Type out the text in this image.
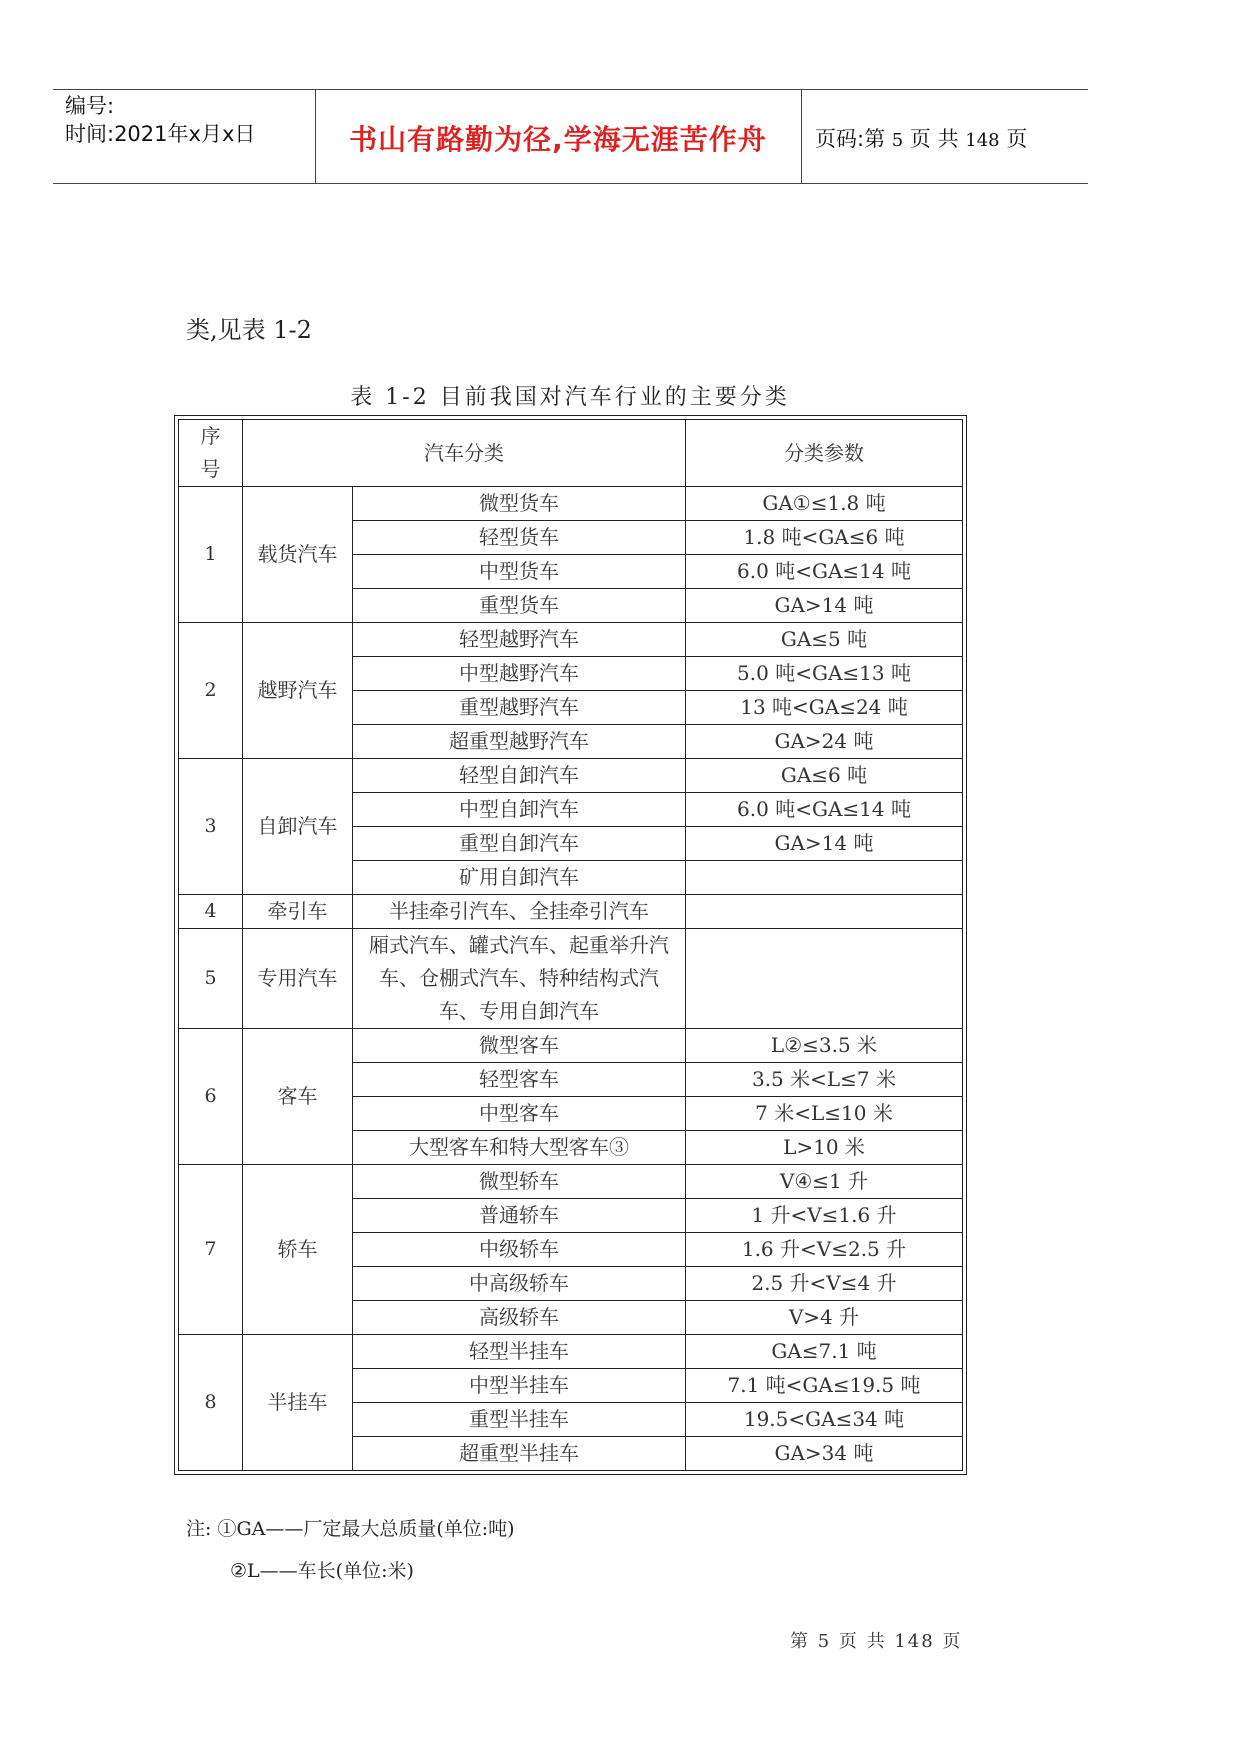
编号:
时间:2021年x月x日	书山有路勤为径,学海无涯苦作舟	页码:第 5 页 共 148 页
类,见表 1-2
表 1-2 目前我国对汽车行业的主要分类
序号	汽车分类		分类参数
1	载货汽车	微型货车	GA①≤1.8 吨
		轻型货车	1.8 吨<GA≤6 吨
		中型货车	6.0 吨<GA≤14 吨
		重型货车	GA>14 吨
2	越野汽车	轻型越野汽车	GA≤5 吨
		中型越野汽车	5.0 吨<GA≤13 吨
		重型越野汽车	13 吨<GA≤24 吨
		超重型越野汽车	GA>24 吨
3	自卸汽车	轻型自卸汽车	GA≤6 吨
		中型自卸汽车	6.0 吨<GA≤14 吨
		重型自卸汽车	GA>14 吨
		矿用自卸汽车	
4	牵引车	半挂牵引汽车、全挂牵引汽车	
5	专用汽车	厢式汽车、罐式汽车、起重举升汽车、仓棚式汽车、特种结构式汽车、专用自卸汽车	
6	客车	微型客车	L②≤3.5 米
		轻型客车	3.5 米<L≤7 米
		中型客车	7 米<L≤10 米
		大型客车和特大型客车③	L>10 米
7	轿车	微型轿车	V④≤1 升
		普通轿车	1 升<V≤1.6 升
		中级轿车	1.6 升<V≤2.5 升
		中高级轿车	2.5 升<V≤4 升
		高级轿车	V>4 升
8	半挂车	轻型半挂车	GA≤7.1 吨
		中型半挂车	7.1 吨<GA≤19.5 吨
		重型半挂车	19.5<GA≤34 吨
		超重型半挂车	GA>34 吨
注: ①GA——厂定最大总质量(单位:吨)
②L——车长(单位:米)
第 5 页 共 148 页
